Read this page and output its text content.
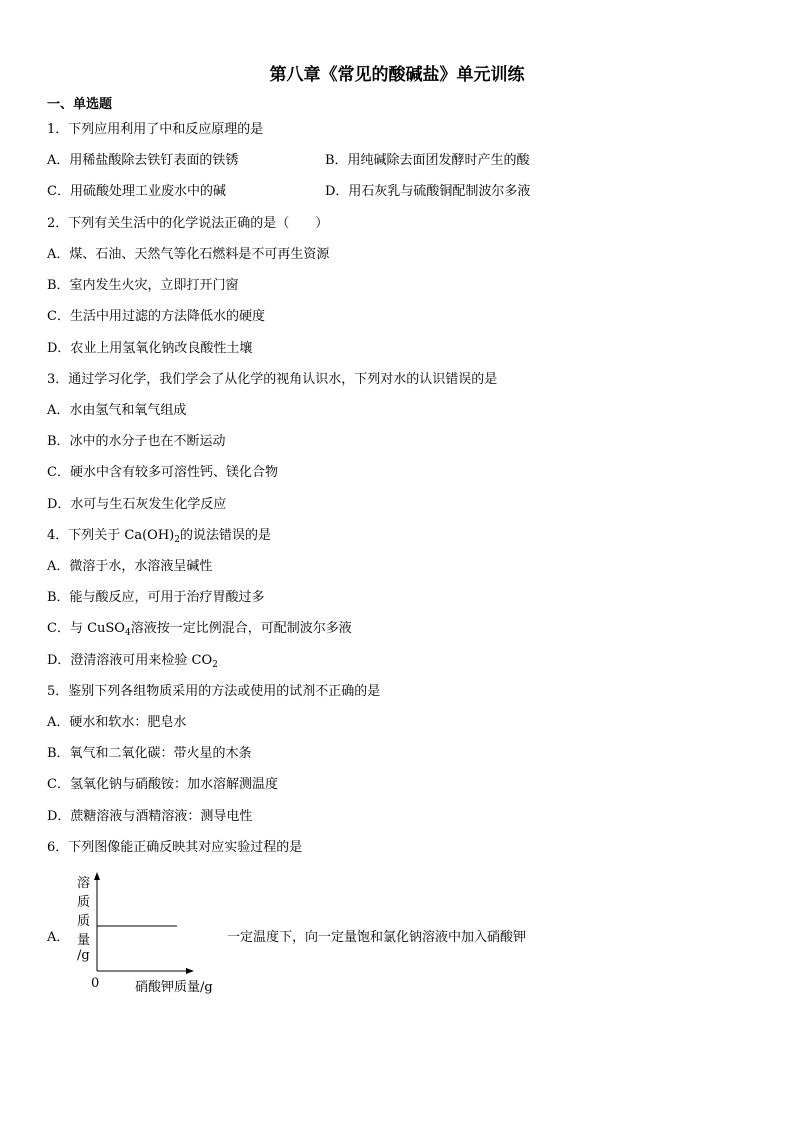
第八章《常见的酸碱盐》单元训练
一、单选题
1．下列应用利用了中和反应原理的是
A．用稀盐酸除去铁钉表面的铁锈	B．用纯碱除去面团发酵时产生的酸
C．用硫酸处理工业废水中的碱	D．用石灰乳与硫酸铜配制波尔多液
2．下列有关生活中的化学说法正确的是（　　）
A．煤、石油、天然气等化石燃料是不可再生资源
B．室内发生火灾，立即打开门窗
C．生活中用过滤的方法降低水的硬度
D．农业上用氢氧化钠改良酸性土壤
3．通过学习化学，我们学会了从化学的视角认识水，下列对水的认识错误的是
A．水由氢气和氧气组成
B．冰中的水分子也在不断运动
C．硬水中含有较多可溶性钙、镁化合物
D．水可与生石灰发生化学反应
4．下列关于 $Ca(OH)_2$的说法错误的是
A．微溶于水，水溶液呈碱性
B．能与酸反应，可用于治疗胃酸过多
C．与 CuSO$_4$溶液按一定比例混合，可配制波尔多液
D．澄清溶液可用来检验 $CO_2$
5．鉴别下列各组物质采用的方法或使用的试剂不正确的是
A．硬水和软水：肥皂水
B．氧气和二氧化碳：带火星的木条
C．氢氧化钠与硝酸铵：加水溶解测温度
D．蔗糖溶液与酒精溶液：测导电性
6．下列图像能正确反映其对应实验过程的是
A．
溶
质
质
量
/g
0	硝酸钾质量/g
一定温度下，向一定量饱和氯化钠溶液中加入硝酸钾
